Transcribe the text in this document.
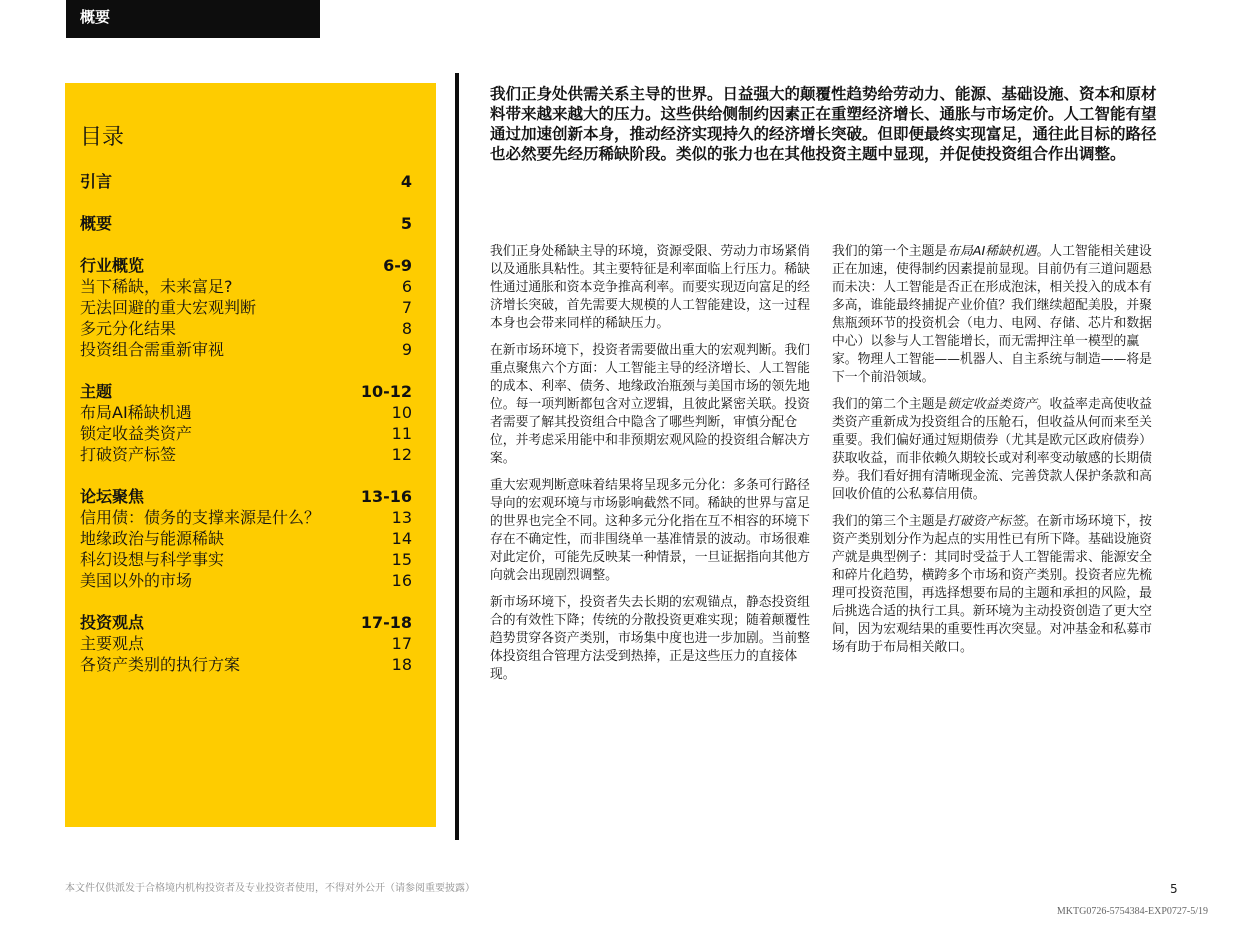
概要
目录
引言	4
概要	5
行业概览	6-9
当下稀缺，未来富足?	6
无法回避的重大宏观判断	7
多元分化结果	8
投资组合需重新审视	9
主题	10-12
布局AI稀缺机遇	10
锁定收益类资产	11
打破资产标签	12
论坛聚焦	13-16
信用债：债务的支撑来源是什么？	13
地缘政治与能源稀缺	14
科幻设想与科学事实	15
美国以外的市场	16
投资观点	17-18
主要观点	17
各资产类别的执行方案	18
我们正身处供需关系主导的世界。日益强大的颠覆性趋势给劳动力、能源、基础设施、资本和原材料带来越来越大的压力。这些供给侧制约因素正在重塑经济增长、通胀与市场定价。人工智能有望通过加速创新本身，推动经济实现持久的经济增长突破。但即便最终实现富足，通往此目标的路径也必然要先经历稀缺阶段。类似的张力也在其他投资主题中显现，并促使投资组合作出调整。

我们正身处稀缺主导的环境，资源受限、劳动力市场紧俏以及通胀具粘性。其主要特征是利率面临上行压力。稀缺性通过通胀和资本竞争推高利率。而要实现迈向富足的经济增长突破，首先需要大规模的人工智能建设，这一过程本身也会带来同样的稀缺压力。

在新市场环境下，投资者需要做出重大的宏观判断。我们重点聚焦六个方面：人工智能主导的经济增长、人工智能的成本、利率、债务、地缘政治瓶颈与美国市场的领先地位。每一项判断都包含对立逻辑，且彼此紧密关联。投资者需要了解其投资组合中隐含了哪些判断，审慎分配仓位，并考虑采用能中和非预期宏观风险的投资组合解决方案。

重大宏观判断意味着结果将呈现多元分化：多条可行路径导向的宏观环境与市场影响截然不同。稀缺的世界与富足的世界也完全不同。这种多元分化指在互不相容的环境下存在不确定性，而非围绕单一基准情景的波动。市场很难对此定价，可能先反映某一种情景，一旦证据指向其他方向就会出现剧烈调整。

新市场环境下，投资者失去长期的宏观锚点，静态投资组合的有效性下降；传统的分散投资更难实现；随着颠覆性趋势贯穿各资产类别，市场集中度也进一步加剧。当前整体投资组合管理方法受到热捧，正是这些压力的直接体现。

我们的第一个主题是布局AI稀缺机遇。人工智能相关建设正在加速，使得制约因素提前显现。目前仍有三道问题悬而未决：人工智能是否正在形成泡沫，相关投入的成本有多高，谁能最终捕捉产业价值？我们继续超配美股，并聚焦瓶颈环节的投资机会（电力、电网、存储、芯片和数据中心）以参与人工智能增长，而无需押注单一模型的赢家。物理人工智能——机器人、自主系统与制造——将是下一个前沿领域。

我们的第二个主题是锁定收益类资产。收益率走高使收益类资产重新成为投资组合的压舱石，但收益从何而来至关重要。我们偏好通过短期债券（尤其是欧元区政府债券）获取收益，而非依赖久期较长或对利率变动敏感的长期债券。我们看好拥有清晰现金流、完善贷款人保护条款和高回收价值的公私募信用债。

我们的第三个主题是打破资产标签。在新市场环境下，按资产类别划分作为起点的实用性已有所下降。基础设施资产就是典型例子：其同时受益于人工智能需求、能源安全和碎片化趋势，横跨多个市场和资产类别。投资者应先梳理可投资范围，再选择想要布局的主题和承担的风险，最后挑选合适的执行工具。新环境为主动投资创造了更大空间，因为宏观结果的重要性再次突显。对冲基金和私募市场有助于布局相关敞口。

本文件仅供派发于合格境内机构投资者及专业投资者使用，不得对外公开（请参阅重要披露）	5
MKTG0726-5754384-EXP0727-5/19
